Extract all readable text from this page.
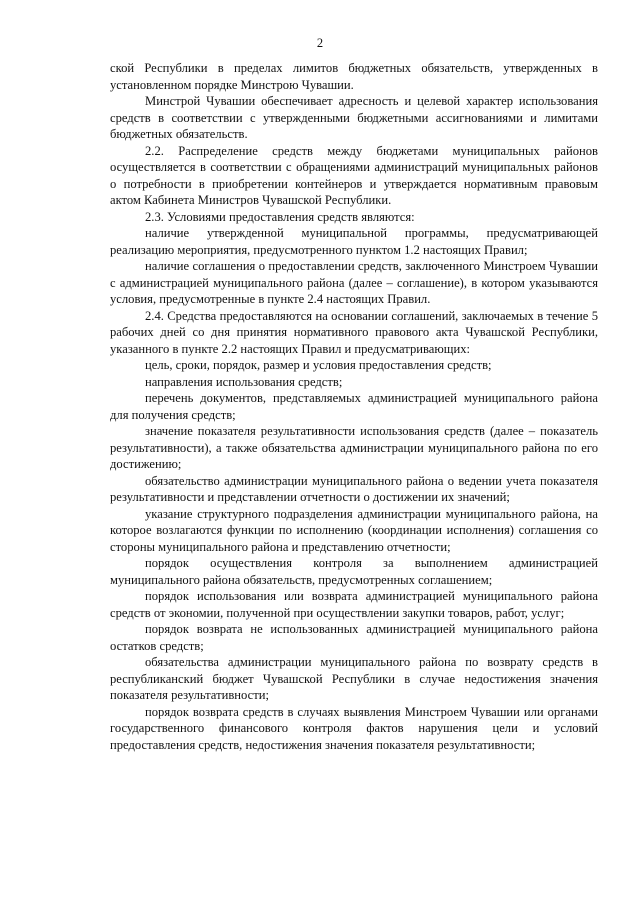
2

ской Республики в пределах лимитов бюджетных обязательств, утвержденных в установленном порядке Минстрою Чувашии.

Минстрой Чувашии обеспечивает адресность и целевой характер использования средств в соответствии с утвержденными бюджетными ассигнованиями и лимитами бюджетных обязательств.

2.2. Распределение средств между бюджетами муниципальных районов осуществляется в соответствии с обращениями администраций муниципальных районов о потребности в приобретении контейнеров и утверждается нормативным правовым актом Кабинета Министров Чувашской Республики.

2.3. Условиями предоставления средств являются:

наличие утвержденной муниципальной программы, предусматривающей реализацию мероприятия, предусмотренного пунктом 1.2 настоящих Правил;

наличие соглашения о предоставлении средств, заключенного Минстроем Чувашии с администрацией муниципального района (далее – соглашение), в котором указываются условия, предусмотренные в пункте 2.4 настоящих Правил.

2.4. Средства предоставляются на основании соглашений, заключаемых в течение 5 рабочих дней со дня принятия нормативного правового акта Чувашской Республики, указанного в пункте 2.2 настоящих Правил и предусматривающих:

цель, сроки, порядок, размер и условия предоставления средств;

направления использования средств;

перечень документов, представляемых администрацией муниципального района для получения средств;

значение показателя результативности использования средств (далее – показатель результативности), а также обязательства администрации муниципального района по его достижению;

обязательство администрации муниципального района о ведении учета показателя результативности и представлении отчетности о достижении их значений;

указание структурного подразделения администрации муниципального района, на которое возлагаются функции по исполнению (координации исполнения) соглашения со стороны муниципального района и представлению отчетности;

порядок осуществления контроля за выполнением администрацией муниципального района обязательств, предусмотренных соглашением;

порядок использования или возврата администрацией муниципального района средств от экономии, полученной при осуществлении закупки товаров, работ, услуг;

порядок возврата не использованных администрацией муниципального района остатков средств;

обязательства администрации муниципального района по возврату средств в республиканский бюджет Чувашской Республики в случае недостижения значения показателя результативности;

порядок возврата средств в случаях выявления Минстроем Чувашии или органами государственного финансового контроля фактов нарушения цели и условий предоставления средств, недостижения значения показателя результативности;
